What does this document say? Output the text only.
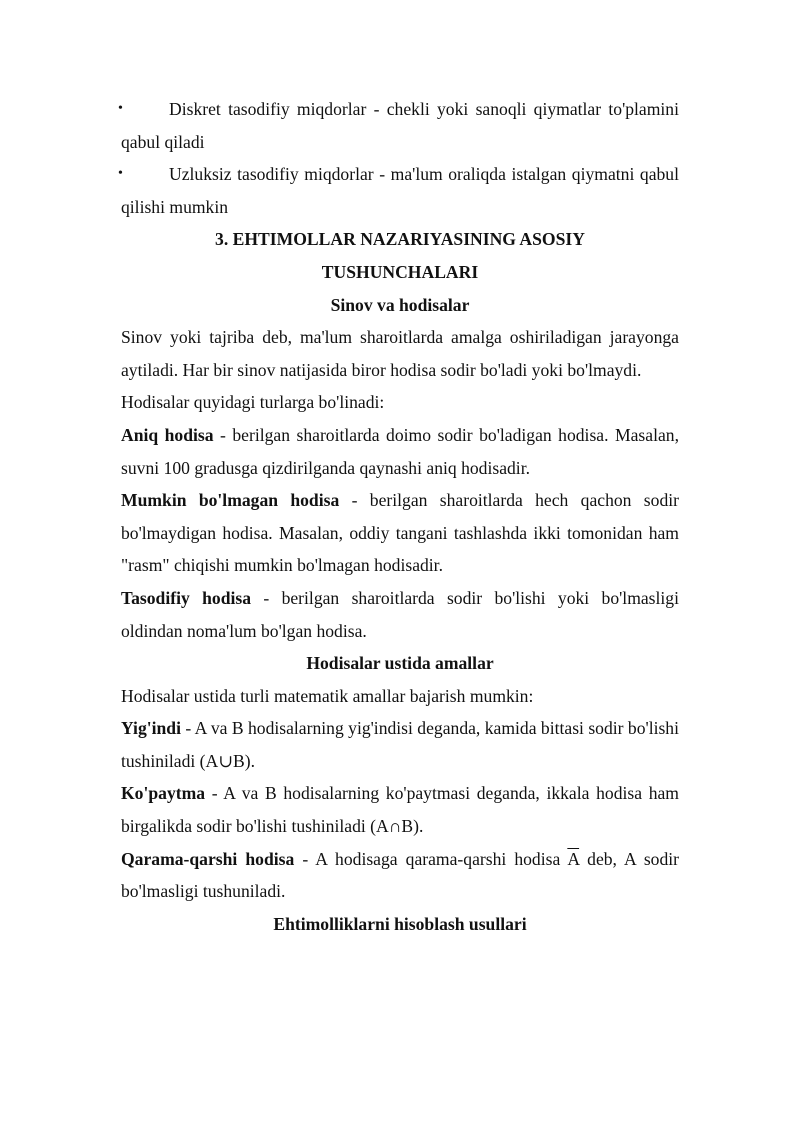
•	Diskret tasodifiy miqdorlar - chekli yoki sanoqli qiymatlar to'plamini qabul qiladi

•	Uzluksiz tasodifiy miqdorlar - ma'lum oraliqda istalgan qiymatni qabul qilishi mumkin

3. EHTIMOLLAR NAZARIYASINING ASOSIY
TUSHUNCHALARI
Sinov va hodisalar

Sinov yoki tajriba deb, ma'lum sharoitlarda amalga oshiriladigan jarayonga aytiladi. Har bir sinov natijasida biror hodisa sodir bo'ladi yoki bo'lmaydi.

Hodisalar quyidagi turlarga bo'linadi:

Aniq hodisa - berilgan sharoitlarda doimo sodir bo'ladigan hodisa. Masalan, suvni 100 gradusga qizdirilganda qaynashi aniq hodisadir.

Mumkin bo'lmagan hodisa - berilgan sharoitlarda hech qachon sodir bo'lmaydigan hodisa. Masalan, oddiy tangani tashlashda ikki tomonidan ham "rasm" chiqishi mumkin bo'lmagan hodisadir.

Tasodifiy hodisa - berilgan sharoitlarda sodir bo'lishi yoki bo'lmasligi oldindan noma'lum bo'lgan hodisa.

Hodisalar ustida amallar

Hodisalar ustida turli matematik amallar bajarish mumkin:

Yig'indi - A va B hodisalarning yig'indisi deganda, kamida bittasi sodir bo'lishi tushiniladi (A∪B).

Ko'paytma - A va B hodisalarning ko'paytmasi deganda, ikkala hodisa ham birgalikda sodir bo'lishi tushiniladi (A∩B).

Qarama-qarshi hodisa - A hodisaga qarama-qarshi hodisa $\overline{A}$ deb, A sodir bo'lmasligi tushuniladi.

Ehtimolliklarni hisoblash usullari
